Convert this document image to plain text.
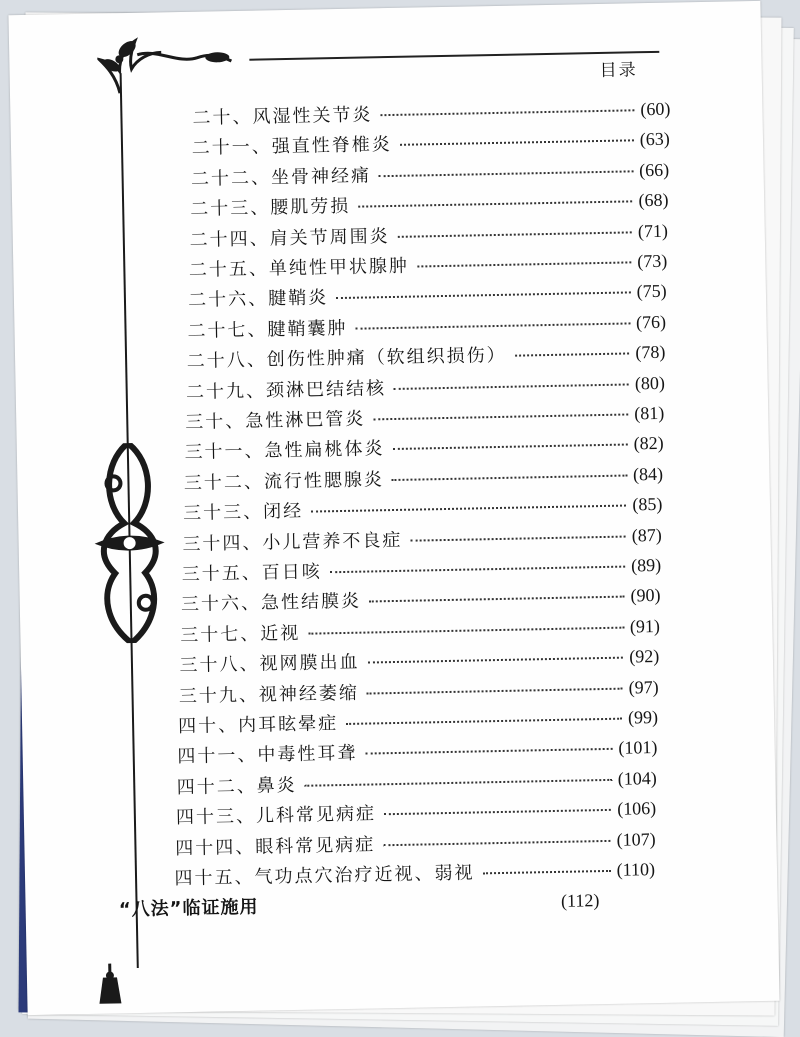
目录
二十、风湿性关节炎	(60)
二十一、强直性脊椎炎	(63)
二十二、坐骨神经痛	(66)
二十三、腰肌劳损	(68)
二十四、肩关节周围炎	(71)
二十五、单纯性甲状腺肿	(73)
二十六、腱鞘炎	(75)
二十七、腱鞘囊肿	(76)
二十八、创伤性肿痛（软组织损伤）	(78)
二十九、颈淋巴结结核	(80)
三十、急性淋巴管炎	(81)
三十一、急性扁桃体炎	(82)
三十二、流行性腮腺炎	(84)
三十三、闭经	(85)
三十四、小儿营养不良症	(87)
三十五、百日咳	(89)
三十六、急性结膜炎	(90)
三十七、近视	(91)
三十八、视网膜出血	(92)
三十九、视神经萎缩	(97)
四十、内耳眩晕症	(99)
四十一、中毒性耳聋	(101)
四十二、鼻炎	(104)
四十三、儿科常见病症	(106)
四十四、眼科常见病症	(107)
四十五、气功点穴治疗近视、弱视	(110)
“八法”临证施用	(112)
